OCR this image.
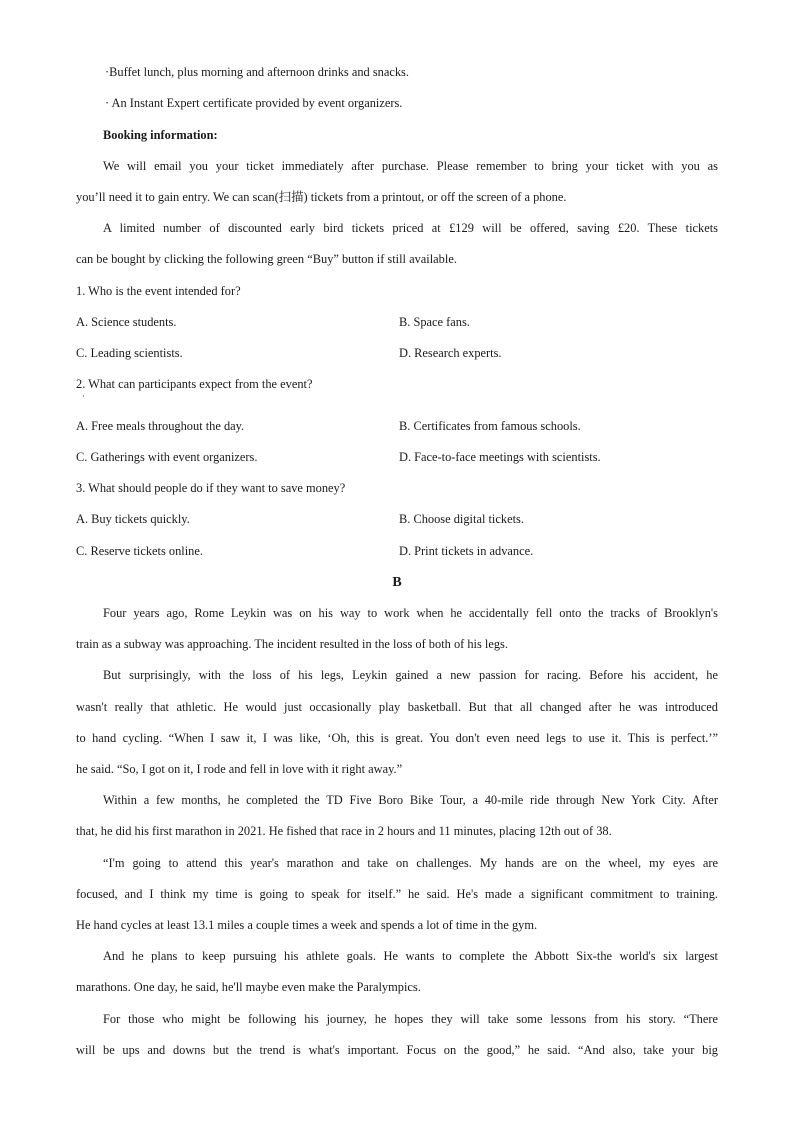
·Buffet lunch, plus morning and afternoon drinks and snacks.
· An Instant Expert certificate provided by event organizers.
Booking information:
We will email you your ticket immediately after purchase. Please remember to bring your ticket with you as
you’ll need it to gain entry. We can scan(扫描) tickets from a printout, or off the screen of a phone.
A limited number of discounted early bird tickets priced at £129 will be offered, saving £20. These tickets
can be bought by clicking the following green “Buy” button if still available.
1. Who is the event intended for?
A. Science students.	B. Space fans.
C. Leading scientists.	D. Research experts.
2. What can participants expect from the event?
·
A. Free meals throughout the day.	B. Certificates from famous schools.
C. Gatherings with event organizers.	D. Face-to-face meetings with scientists.
3. What should people do if they want to save money?
A. Buy tickets quickly.	B. Choose digital tickets.
C. Reserve tickets online.	D. Print tickets in advance.
B
Four years ago, Rome Leykin was on his way to work when he accidentally fell onto the tracks of Brooklyn's
train as a subway was approaching. The incident resulted in the loss of both of his legs.
But surprisingly, with the loss of his legs, Leykin gained a new passion for racing. Before his accident, he
wasn't really that athletic. He would just occasionally play basketball. But that all changed after he was introduced
to hand cycling. “When I saw it, I was like, ‘Oh, this is great. You don't even need legs to use it. This is perfect.’”
he said. “So, I got on it, I rode and fell in love with it right away.”
Within a few months, he completed the TD Five Boro Bike Tour, a 40-mile ride through New York City. After
that, he did his first marathon in 2021. He fished that race in 2 hours and 11 minutes, placing 12th out of 38.
“I'm going to attend this year's marathon and take on challenges. My hands are on the wheel, my eyes are
focused, and I think my time is going to speak for itself.” he said. He's made a significant commitment to training.
He hand cycles at least 13.1 miles a couple times a week and spends a lot of time in the gym.
And he plans to keep pursuing his athlete goals. He wants to complete the Abbott Six-the world's six largest
marathons. One day, he said, he'll maybe even make the Paralympics.
For those who might be following his journey, he hopes they will take some lessons from his story. “There
will be ups and downs but the trend is what's important. Focus on the good,” he said. “And also, take your big
